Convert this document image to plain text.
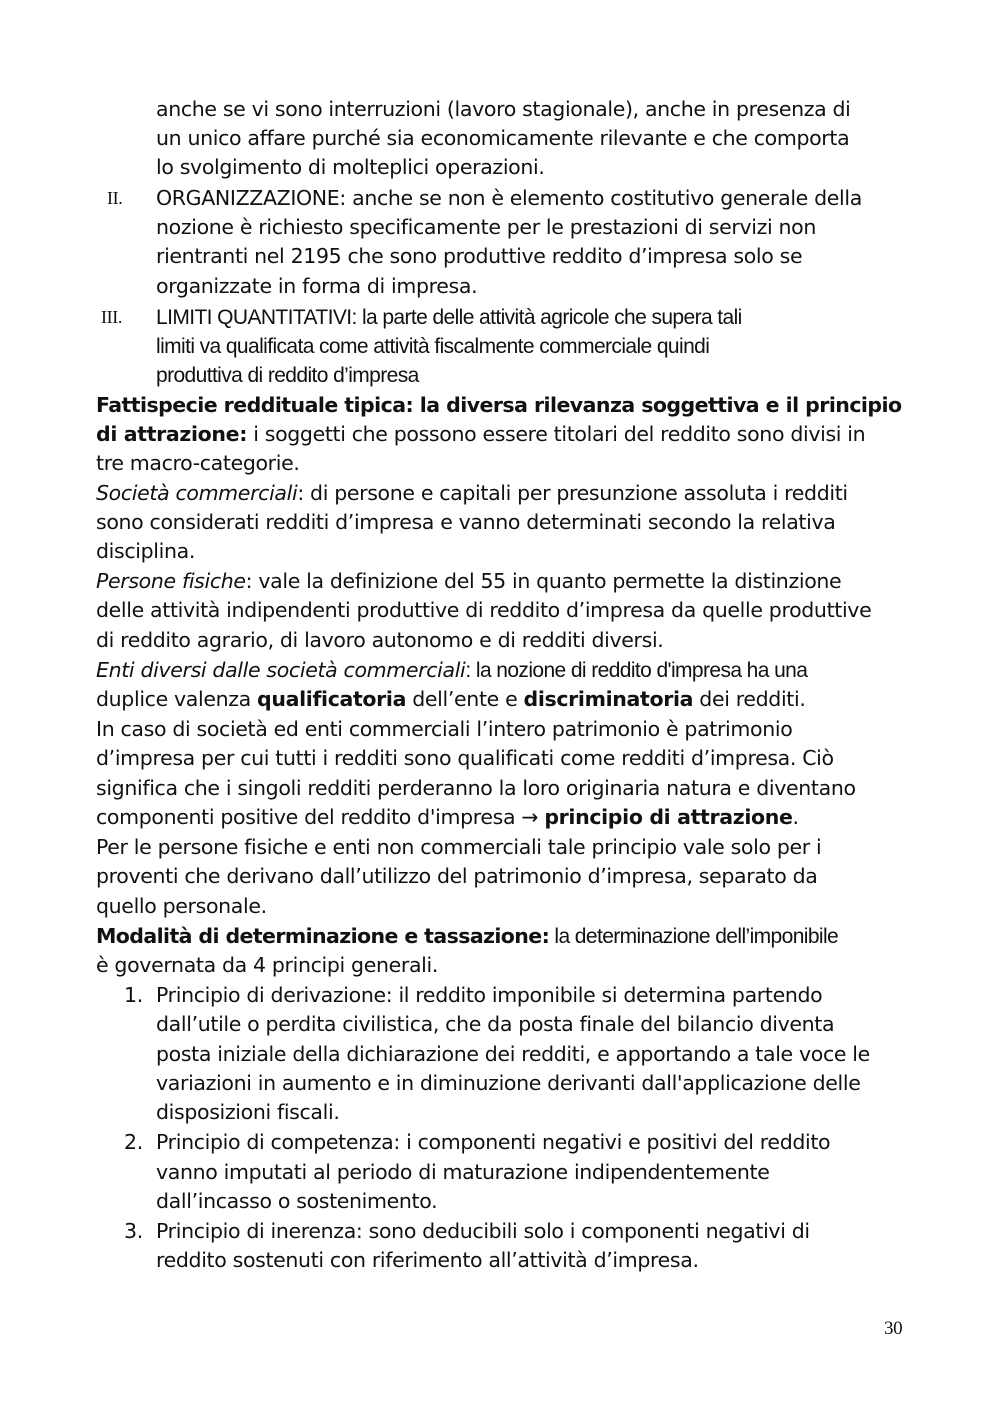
anche se vi sono interruzioni (lavoro stagionale), anche in presenza di
un unico affare purché sia economicamente rilevante e che comporta
lo svolgimento di molteplici operazioni.
II. ORGANIZZAZIONE: anche se non è elemento costitutivo generale della
nozione è richiesto specificamente per le prestazioni di servizi non
rientranti nel 2195 che sono produttive reddito d’impresa solo se
organizzate in forma di impresa.
III. LIMITI QUANTITATIVI: la parte delle attività agricole che supera tali
limiti va qualificata come attività fiscalmente commerciale quindi
produttiva di reddito d’impresa
Fattispecie reddituale tipica: la diversa rilevanza soggettiva e il principio
di attrazione: i soggetti che possono essere titolari del reddito sono divisi in
tre macro-categorie.
Società commerciali: di persone e capitali per presunzione assoluta i redditi
sono considerati redditi d’impresa e vanno determinati secondo la relativa
disciplina.
Persone fisiche: vale la definizione del 55 in quanto permette la distinzione
delle attività indipendenti produttive di reddito d’impresa da quelle produttive
di reddito agrario, di lavoro autonomo e di redditi diversi.
Enti diversi dalle società commerciali: la nozione di reddito d'impresa ha una
duplice valenza qualificatoria dell’ente e discriminatoria dei redditi.
In caso di società ed enti commerciali l’intero patrimonio è patrimonio
d’impresa per cui tutti i redditi sono qualificati come redditi d’impresa. Ciò
significa che i singoli redditi perderanno la loro originaria natura e diventano
componenti positive del reddito d'impresa → principio di attrazione.
Per le persone fisiche e enti non commerciali tale principio vale solo per i
proventi che derivano dall’utilizzo del patrimonio d’impresa, separato da
quello personale.
Modalità di determinazione e tassazione: la determinazione dell’imponibile
è governata da 4 principi generali.
1. Principio di derivazione: il reddito imponibile si determina partendo
dall’utile o perdita civilistica, che da posta finale del bilancio diventa
posta iniziale della dichiarazione dei redditi, e apportando a tale voce le
variazioni in aumento e in diminuzione derivanti dall'applicazione delle
disposizioni fiscali.
2. Principio di competenza: i componenti negativi e positivi del reddito
vanno imputati al periodo di maturazione indipendentemente
dall’incasso o sostenimento.
3. Principio di inerenza: sono deducibili solo i componenti negativi di
reddito sostenuti con riferimento all’attività d’impresa.
30
